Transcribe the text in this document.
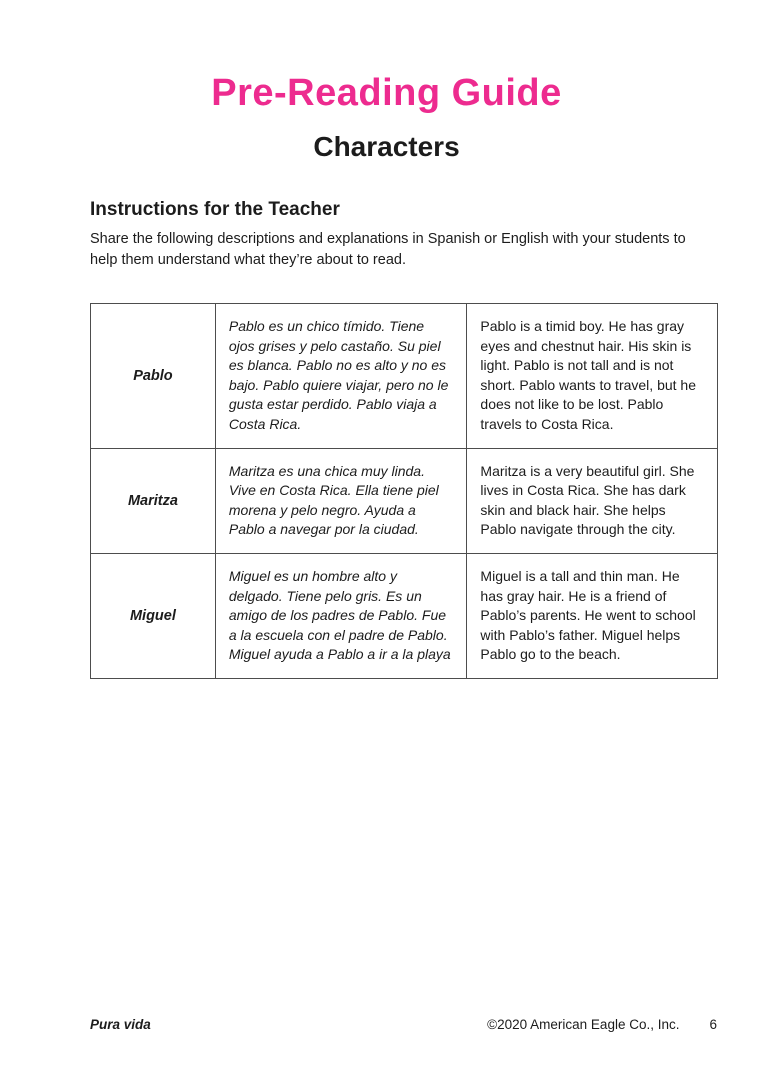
Pre-Reading Guide
Characters
Instructions for the Teacher

Share the following descriptions and explanations in Spanish or English with your students to help them understand what they’re about to read.

Pablo	Pablo es un chico tímido. Tiene ojos grises y pelo castaño. Su piel es blanca. Pablo no es alto y no es bajo. Pablo quiere viajar, pero no le gusta estar perdido. Pablo viaja a Costa Rica.	Pablo is a timid boy. He has gray eyes and chestnut hair. His skin is light. Pablo is not tall and is not short. Pablo wants to travel, but he does not like to be lost. Pablo travels to Costa Rica.
Maritza	Maritza es una chica muy linda. Vive en Costa Rica. Ella tiene piel morena y pelo negro. Ayuda a Pablo a navegar por la ciudad.	Maritza is a very beautiful girl. She lives in Costa Rica. She has dark skin and black hair. She helps Pablo navigate through the city.
Miguel	Miguel es un hombre alto y delgado. Tiene pelo gris. Es un amigo de los padres de Pablo. Fue a la escuela con el padre de Pablo. Miguel ayuda a Pablo a ir a la playa	Miguel is a tall and thin man. He has gray hair. He is a friend of Pablo’s parents. He went to school with Pablo’s father. Miguel helps Pablo go to the beach.
Pura vida	©2020 American Eagle Co., Inc. 6
